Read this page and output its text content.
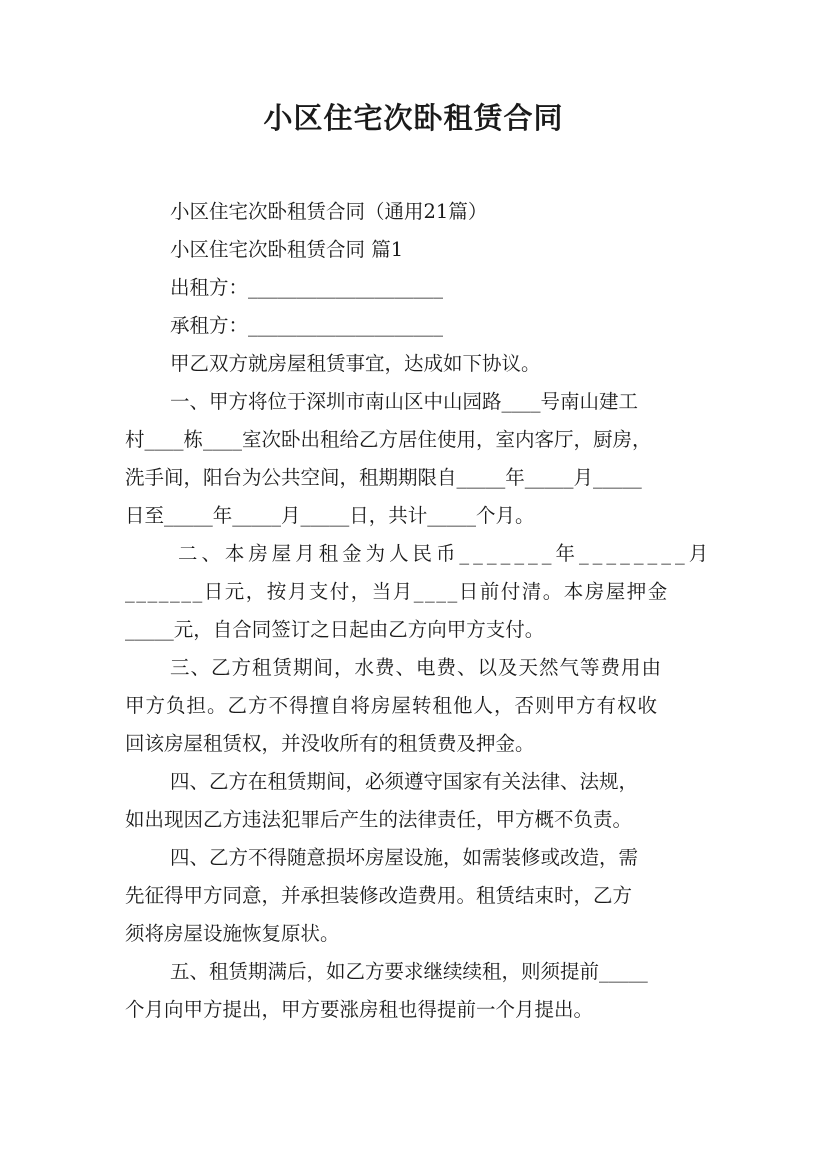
小区住宅次卧租赁合同
小区住宅次卧租赁合同（通用21篇）
小区住宅次卧租赁合同 篇1
出租方：____________________
承租方：____________________
甲乙双方就房屋租赁事宜，达成如下协议。
一、甲方将位于深圳市南山区中山园路____号南山建工
村____栋____室次卧出租给乙方居住使用，室内客厅，厨房，
洗手间，阳台为公共空间，租期期限自_____年_____月_____
日至_____年_____月_____日，共计_____个月。
二、本房屋月租金为人民币_______年________月
_______日元，按月支付，当月____日前付清。本房屋押金
_____元，自合同签订之日起由乙方向甲方支付。
三、乙方租赁期间，水费、电费、以及天然气等费用由
甲方负担。乙方不得擅自将房屋转租他人，否则甲方有权收
回该房屋租赁权，并没收所有的租赁费及押金。
四、乙方在租赁期间，必须遵守国家有关法律、法规，
如出现因乙方违法犯罪后产生的法律责任，甲方概不负责。
四、乙方不得随意损坏房屋设施，如需装修或改造，需
先征得甲方同意，并承担装修改造费用。租赁结束时，乙方
须将房屋设施恢复原状。
五、租赁期满后，如乙方要求继续续租，则须提前_____
个月向甲方提出，甲方要涨房租也得提前一个月提出。
